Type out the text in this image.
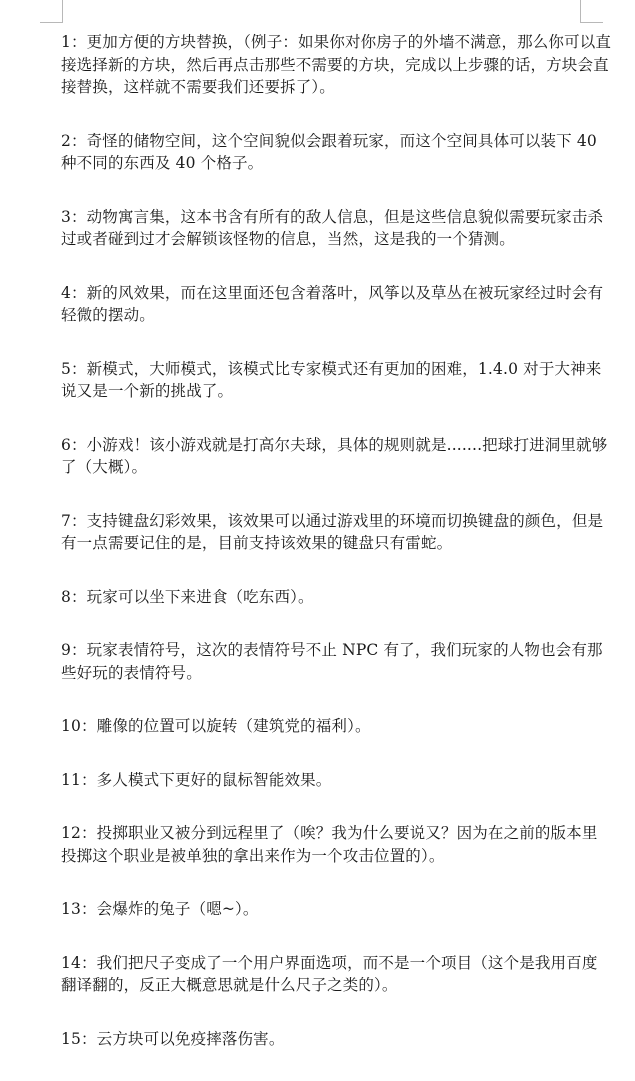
1：更加方便的方块替换，（例子：如果你对你房子的外墙不满意，那么你可以直接选择新的方块，然后再点击那些不需要的方块，完成以上步骤的话，方块会直接替换，这样就不需要我们还要拆了）。

2：奇怪的储物空间，这个空间貌似会跟着玩家，而这个空间具体可以装下 40 种不同的东西及 40 个格子。

3：动物寓言集，这本书含有所有的敌人信息，但是这些信息貌似需要玩家击杀过或者碰到过才会解锁该怪物的信息，当然，这是我的一个猜测。

4：新的风效果，而在这里面还包含着落叶，风筝以及草丛在被玩家经过时会有轻微的摆动。

5：新模式，大师模式，该模式比专家模式还有更加的困难，1.4.0 对于大神来说又是一个新的挑战了。

6：小游戏！该小游戏就是打高尔夫球，具体的规则就是.......把球打进洞里就够了（大概）。

7：支持键盘幻彩效果，该效果可以通过游戏里的环境而切换键盘的颜色，但是有一点需要记住的是，目前支持该效果的键盘只有雷蛇。

8：玩家可以坐下来进食（吃东西）。

9：玩家表情符号，这次的表情符号不止 NPC 有了，我们玩家的人物也会有那些好玩的表情符号。

10：雕像的位置可以旋转（建筑党的福利）。

11：多人模式下更好的鼠标智能效果。

12：投掷职业又被分到远程里了（唉？我为什么要说又？因为在之前的版本里投掷这个职业是被单独的拿出来作为一个攻击位置的）。

13：会爆炸的兔子（嗯~）。

14：我们把尺子变成了一个用户界面选项，而不是一个项目（这个是我用百度翻译翻的，反正大概意思就是什么尺子之类的）。

15：云方块可以免疫摔落伤害。
